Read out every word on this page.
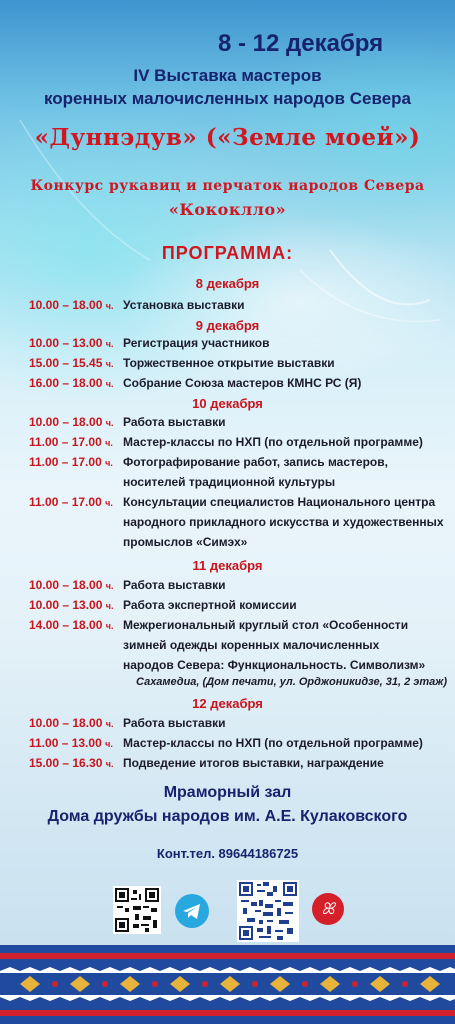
8 - 12 декабря

IV Выставка мастеров

коренных малочисленных народов Севера

«Дуннэдув» («Земле моей»)

Конкурс рукавиц и перчаток народов Севера

«Кококлло»

ПРОГРАММА:

8 декабря

10.00 – 18.00 ч. Установка выставки

9 декабря

10.00 – 13.00 ч. Регистрация участников
15.00 – 15.45 ч. Торжественное открытие выставки
16.00 – 18.00 ч. Собрание Союза мастеров КМНС РС (Я)

10 декабря

10.00 – 18.00 ч. Работа выставки
11.00 – 17.00 ч. Мастер-классы по НХП (по отдельной программе)
11.00 – 17.00 ч. Фотографирование работ, запись мастеров,
носителей традиционной культуры
11.00 – 17.00 ч. Консультации специалистов Национального центра
народного прикладного искусства и художественных
промыслов «Симэх»

11 декабря

10.00 – 18.00 ч. Работа выставки
10.00 – 13.00 ч. Работа экспертной комиссии
14.00 – 18.00 ч. Межрегиональный круглый стол «Особенности
зимней одежды коренных малочисленных
народов Севера: Функциональность. Символизм»

Сахамедиа, (Дом печати, ул. Орджоникидзе, 31, 2 этаж)

12 декабря

10.00 – 18.00 ч. Работа выставки
11.00 – 13.00 ч. Мастер-классы по НХП (по отдельной программе)
15.00 – 16.30 ч. Подведение итогов выставки, награждение

Мраморный зал

Дома дружбы народов им. А.Е. Кулаковского

Конт.тел. 89644186725

ꕤ
